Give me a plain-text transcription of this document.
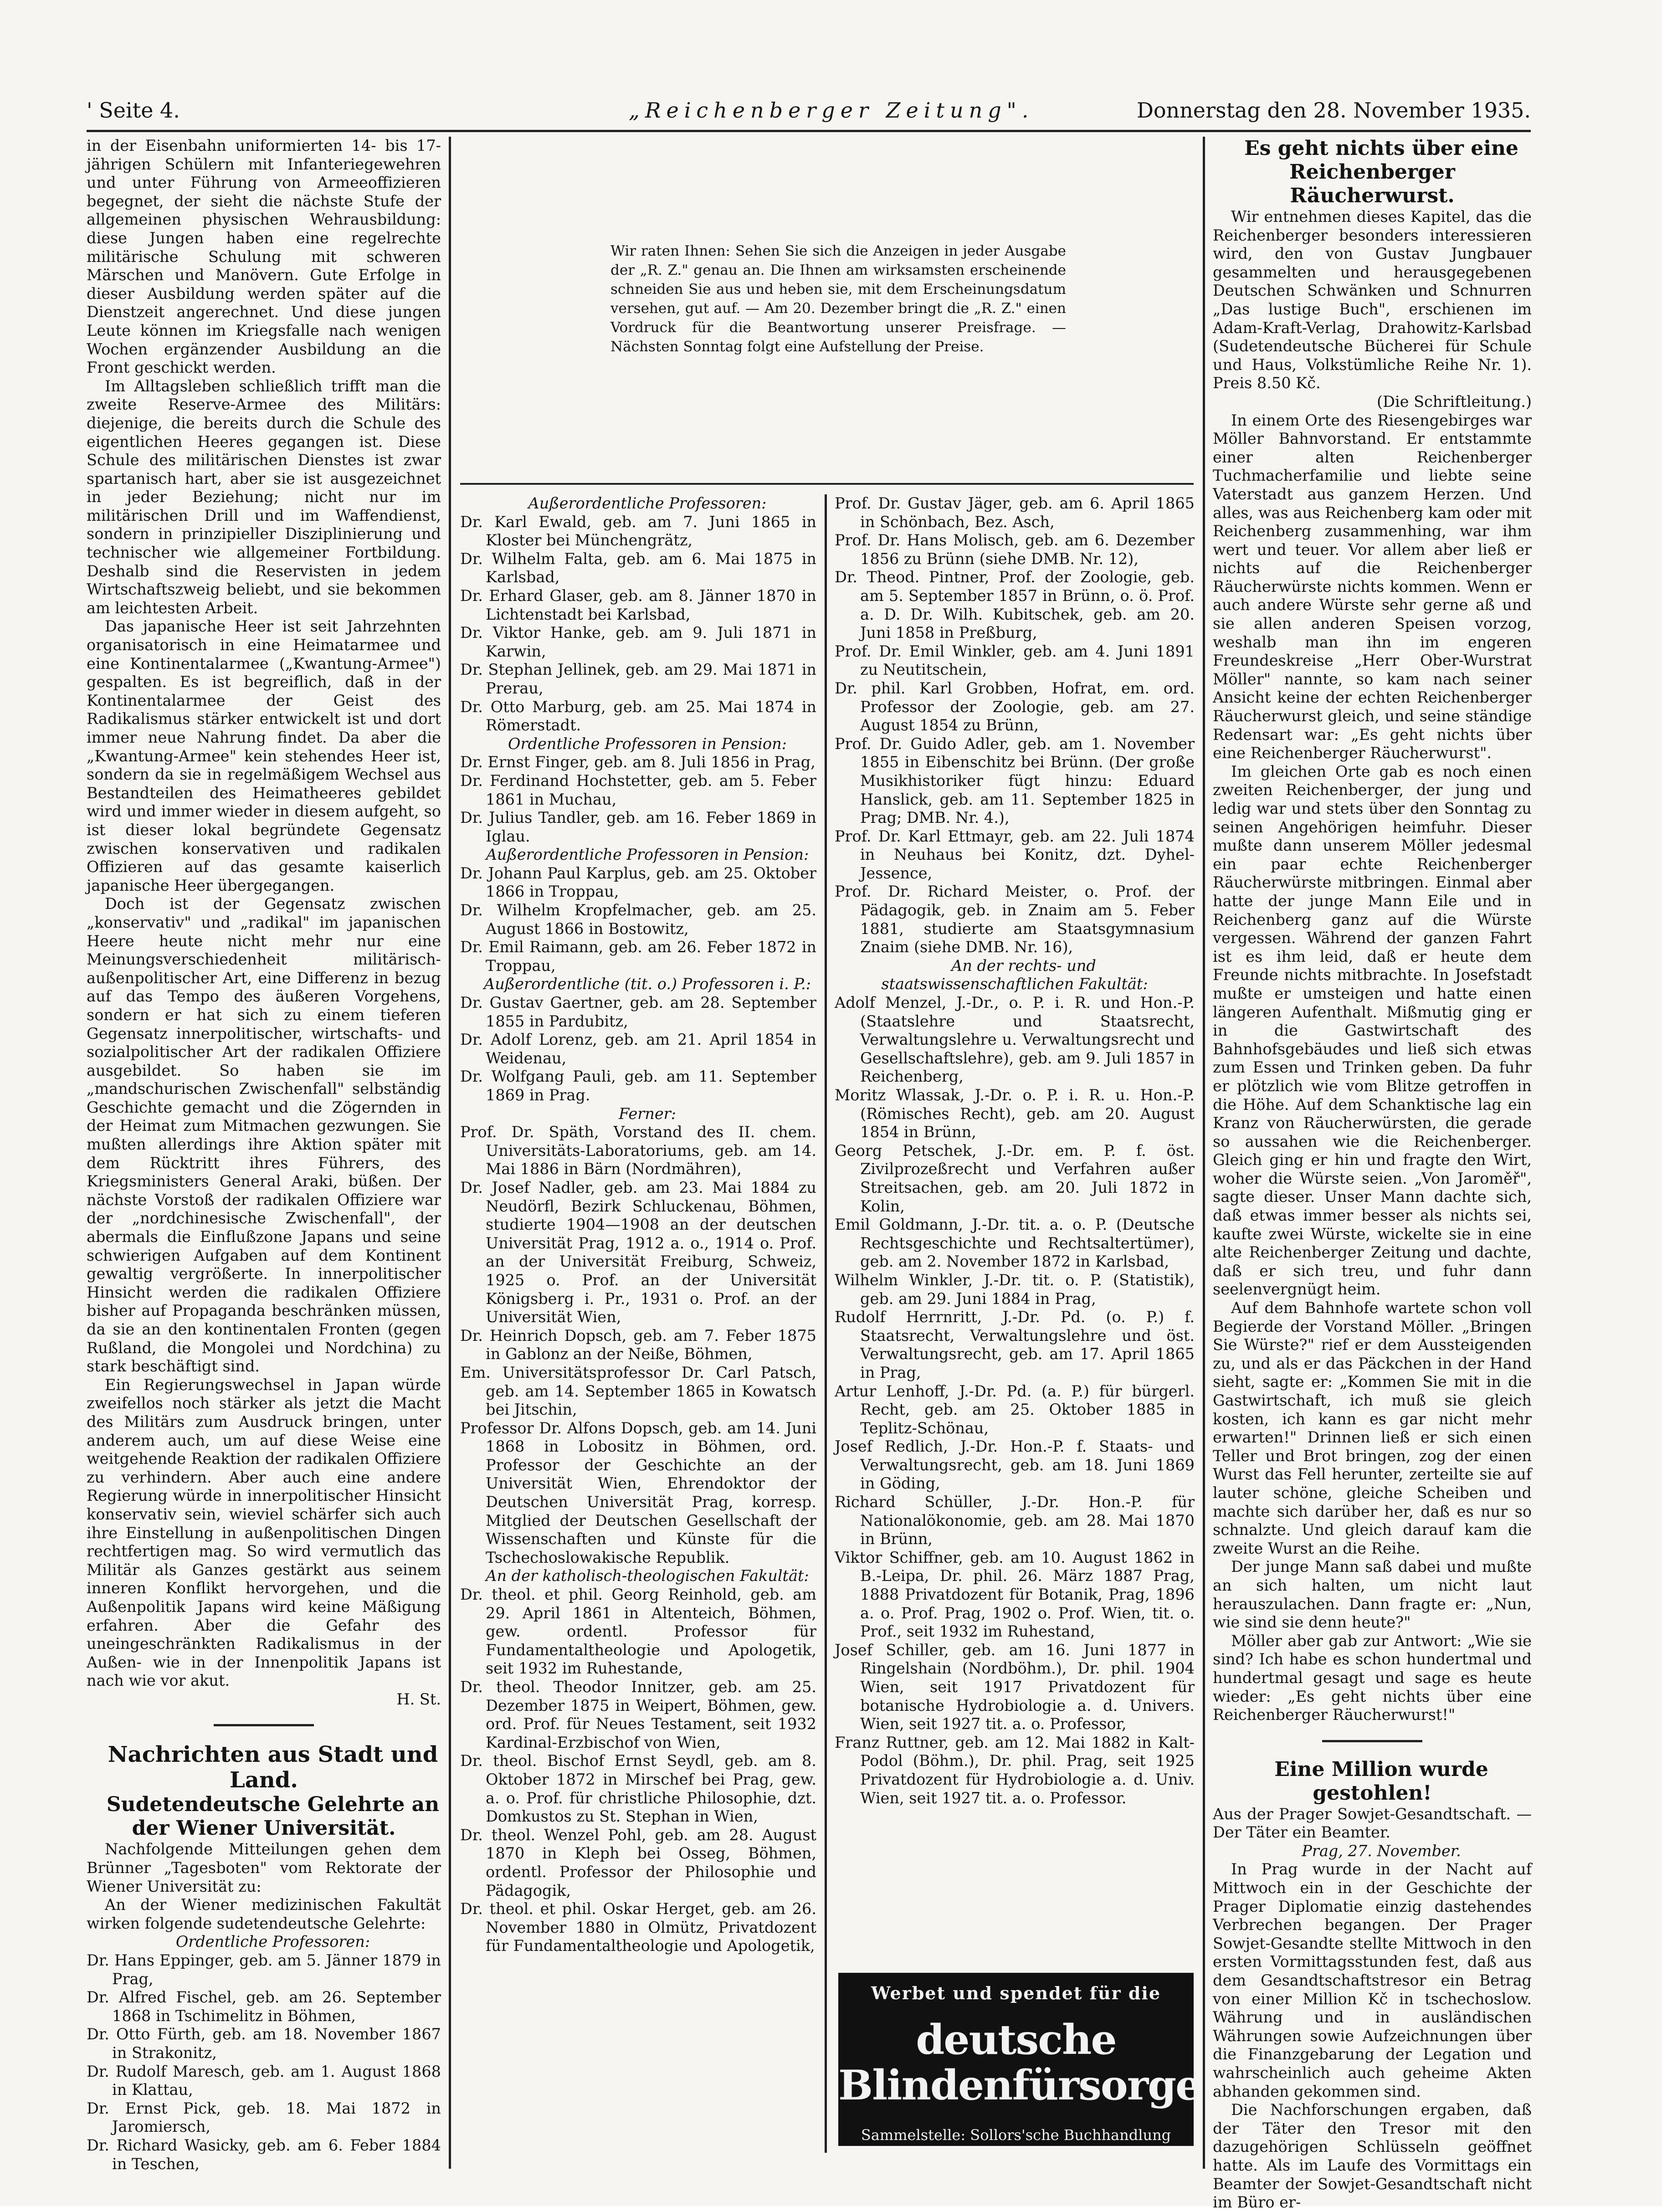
' Seite 4.	„Reichenberger Zeitung".	Donnerstag den 28. November 1935.

in der Eisenbahn uniformierten 14- bis 17-jährigen Schülern mit Infanteriegewehren und unter Führung von Armeeoffizieren begegnet, der sieht die nächste Stufe der allgemeinen physischen Wehrausbildung: diese Jungen haben eine regelrechte militärische Schulung mit schweren Märschen und Manövern. Gute Erfolge in dieser Ausbildung werden später auf die Dienstzeit angerechnet. Und diese jungen Leute können im Kriegsfalle nach wenigen Wochen ergänzender Ausbildung an die Front geschickt werden.

Im Alltagsleben schließlich trifft man die zweite Reserve-Armee des Militärs: diejenige, die bereits durch die Schule des eigentlichen Heeres gegangen ist. Diese Schule des militärischen Dienstes ist zwar spartanisch hart, aber sie ist ausgezeichnet in jeder Beziehung; nicht nur im militärischen Drill und im Waffendienst, sondern in prinzipieller Disziplinierung und technischer wie allgemeiner Fortbildung. Deshalb sind die Reservisten in jedem Wirtschaftszweig beliebt, und sie bekommen am leichtesten Arbeit.

Das japanische Heer ist seit Jahrzehnten organisatorisch in eine Heimatarmee und eine Kontinentalarmee („Kwantung-Armee") gespalten. Es ist begreiflich, daß in der Kontinentalarmee der Geist des Radikalismus stärker entwickelt ist und dort immer neue Nahrung findet. Da aber die „Kwantung-Armee" kein stehendes Heer ist, sondern da sie in regelmäßigem Wechsel aus Bestandteilen des Heimatheeres gebildet wird und immer wieder in diesem aufgeht, so ist dieser lokal begründete Gegensatz zwischen konservativen und radikalen Offizieren auf das gesamte kaiserlich japanische Heer übergegangen.

Doch ist der Gegensatz zwischen „konservativ" und „radikal" im japanischen Heere heute nicht mehr nur eine Meinungsverschiedenheit militärisch-außenpolitischer Art, eine Differenz in bezug auf das Tempo des äußeren Vorgehens, sondern er hat sich zu einem tieferen Gegensatz innerpolitischer, wirtschafts- und sozialpolitischer Art der radikalen Offiziere ausgebildet. So haben sie im „mandschurischen Zwischenfall" selbständig Geschichte gemacht und die Zögernden in der Heimat zum Mitmachen gezwungen. Sie mußten allerdings ihre Aktion später mit dem Rücktritt ihres Führers, des Kriegsministers General Araki, büßen. Der nächste Vorstoß der radikalen Offiziere war der „nordchinesische Zwischenfall", der abermals die Einflußzone Japans und seine schwierigen Aufgaben auf dem Kontinent gewaltig vergrößerte. In innerpolitischer Hinsicht werden die radikalen Offiziere bisher auf Propaganda beschränken müssen, da sie an den kontinentalen Fronten (gegen Rußland, die Mongolei und Nordchina) zu stark beschäftigt sind.

Ein Regierungswechsel in Japan würde zweifellos noch stärker als jetzt die Macht des Militärs zum Ausdruck bringen, unter anderem auch, um auf diese Weise eine weitgehende Reaktion der radikalen Offiziere zu verhindern. Aber auch eine andere Regierung würde in innerpolitischer Hinsicht konservativ sein, wieviel schärfer sich auch ihre Einstellung in außenpolitischen Dingen rechtfertigen mag. So wird vermutlich das Militär als Ganzes gestärkt aus seinem inneren Konflikt hervorgehen, und die Außenpolitik Japans wird keine Mäßigung erfahren. Aber die Gefahr des uneingeschränkten Radikalismus in der Außen- wie in der Innenpolitik Japans ist nach wie vor akut.

H. St.

Nachrichten aus Stadt und Land.

Sudetendeutsche Gelehrte an der Wiener Universität.

Nachfolgende Mitteilungen gehen dem Brünner „Tagesboten" vom Rektorate der Wiener Universität zu:

An der Wiener medizinischen Fakultät wirken folgende sudetendeutsche Gelehrte:

Ordentliche Professoren:

Dr. Hans Eppinger, geb. am 5. Jänner 1879 in Prag,

Dr. Alfred Fischel, geb. am 26. September 1868 in Tschimelitz in Böhmen,

Dr. Otto Fürth, geb. am 18. November 1867 in Strakonitz,

Dr. Rudolf Maresch, geb. am 1. August 1868 in Klattau,

Dr. Ernst Pick, geb. 18. Mai 1872 in Jaromiersch,

Dr. Richard Wasicky, geb. am 6. Feber 1884 in Teschen,

Wir raten Ihnen: Sehen Sie sich die Anzeigen in jeder Ausgabe der „R. Z." genau an. Die Ihnen am wirksamsten erscheinende schneiden Sie aus und heben sie, mit dem Erscheinungsdatum versehen, gut auf. — Am 20. Dezember bringt die „R. Z." einen Vordruck für die Beantwortung unserer Preisfrage. — Nächsten Sonntag folgt eine Aufstellung der Preise.

Außerordentliche Professoren:

Dr. Karl Ewald, geb. am 7. Juni 1865 in Kloster bei Münchengrätz,

Dr. Wilhelm Falta, geb. am 6. Mai 1875 in Karlsbad,

Dr. Erhard Glaser, geb. am 8. Jänner 1870 in Lichtenstadt bei Karlsbad,

Dr. Viktor Hanke, geb. am 9. Juli 1871 in Karwin,

Dr. Stephan Jellinek, geb. am 29. Mai 1871 in Prerau,

Dr. Otto Marburg, geb. am 25. Mai 1874 in Römerstadt.

Ordentliche Professoren in Pension:

Dr. Ernst Finger, geb. am 8. Juli 1856 in Prag,

Dr. Ferdinand Hochstetter, geb. am 5. Feber 1861 in Muchau,

Dr. Julius Tandler, geb. am 16. Feber 1869 in Iglau.

Außerordentliche Professoren in Pension:

Dr. Johann Paul Karplus, geb. am 25. Oktober 1866 in Troppau,

Dr. Wilhelm Kropfelmacher, geb. am 25. August 1866 in Bostowitz,

Dr. Emil Raimann, geb. am 26. Feber 1872 in Troppau,

Außerordentliche (tit. o.) Professoren i. P.:

Dr. Gustav Gaertner, geb. am 28. September 1855 in Pardubitz,

Dr. Adolf Lorenz, geb. am 21. April 1854 in Weidenau,

Dr. Wolfgang Pauli, geb. am 11. September 1869 in Prag.

Ferner:

Prof. Dr. Späth, Vorstand des II. chem. Universitäts-Laboratoriums, geb. am 14. Mai 1886 in Bärn (Nordmähren),

Dr. Josef Nadler, geb. am 23. Mai 1884 zu Neudörfl, Bezirk Schluckenau, Böhmen, studierte 1904—1908 an der deutschen Universität Prag, 1912 a. o., 1914 o. Prof. an der Universität Freiburg, Schweiz, 1925 o. Prof. an der Universität Königsberg i. Pr., 1931 o. Prof. an der Universität Wien,

Dr. Heinrich Dopsch, geb. am 7. Feber 1875 in Gablonz an der Neiße, Böhmen,

Em. Universitätsprofessor Dr. Carl Patsch, geb. am 14. September 1865 in Kowatsch bei Jitschin,

Professor Dr. Alfons Dopsch, geb. am 14. Juni 1868 in Lobositz in Böhmen, ord. Professor der Geschichte an der Universität Wien, Ehrendoktor der Deutschen Universität Prag, korresp. Mitglied der Deutschen Gesellschaft der Wissenschaften und Künste für die Tschechoslowakische Republik.

An der katholisch-theologischen Fakultät:

Dr. theol. et phil. Georg Reinhold, geb. am 29. April 1861 in Altenteich, Böhmen, gew. ordentl. Professor für Fundamentaltheologie und Apologetik, seit 1932 im Ruhestande,

Dr. theol. Theodor Innitzer, geb. am 25. Dezember 1875 in Weipert, Böhmen, gew. ord. Prof. für Neues Testament, seit 1932 Kardinal-Erzbischof von Wien,

Dr. theol. Bischof Ernst Seydl, geb. am 8. Oktober 1872 in Mirschef bei Prag, gew. a. o. Prof. für christliche Philosophie, dzt. Domkustos zu St. Stephan in Wien,

Dr. theol. Wenzel Pohl, geb. am 28. August 1870 in Kleph bei Osseg, Böhmen, ordentl. Professor der Philosophie und Pädagogik,

Dr. theol. et phil. Oskar Herget, geb. am 26. November 1880 in Olmütz, Privatdozent für Fundamentaltheologie und Apologetik,

Prof. Dr. Gustav Jäger, geb. am 6. April 1865 in Schönbach, Bez. Asch,

Prof. Dr. Hans Molisch, geb. am 6. Dezember 1856 zu Brünn (siehe DMB. Nr. 12),

Dr. Theod. Pintner, Prof. der Zoologie, geb. am 5. September 1857 in Brünn, o. ö. Prof. a. D. Dr. Wilh. Kubitschek, geb. am 20. Juni 1858 in Preßburg,

Prof. Dr. Emil Winkler, geb. am 4. Juni 1891 zu Neutitschein,

Dr. phil. Karl Grobben, Hofrat, em. ord. Professor der Zoologie, geb. am 27. August 1854 zu Brünn,

Prof. Dr. Guido Adler, geb. am 1. November 1855 in Eibenschitz bei Brünn. (Der große Musikhistoriker fügt hinzu: Eduard Hanslick, geb. am 11. September 1825 in Prag; DMB. Nr. 4.),

Prof. Dr. Karl Ettmayr, geb. am 22. Juli 1874 in Neuhaus bei Konitz, dzt. Dyhel-Jessence,

Prof. Dr. Richard Meister, o. Prof. der Pädagogik, geb. in Znaim am 5. Feber 1881, studierte am Staatsgymnasium Znaim (siehe DMB. Nr. 16),

An der rechts- und staatswissenschaftlichen Fakultät:

Adolf Menzel, J.-Dr., o. P. i. R. und Hon.-P. (Staatslehre und Staatsrecht, Verwaltungslehre u. Verwaltungsrecht und Gesellschaftslehre), geb. am 9. Juli 1857 in Reichenberg,

Moritz Wlassak, J.-Dr. o. P. i. R. u. Hon.-P. (Römisches Recht), geb. am 20. August 1854 in Brünn,

Georg Petschek, J.-Dr. em. P. f. öst. Zivilprozeßrecht und Verfahren außer Streitsachen, geb. am 20. Juli 1872 in Kolin,

Emil Goldmann, J.-Dr. tit. a. o. P. (Deutsche Rechtsgeschichte und Rechtsaltertümer), geb. am 2. November 1872 in Karlsbad,

Wilhelm Winkler, J.-Dr. tit. o. P. (Statistik), geb. am 29. Juni 1884 in Prag,

Rudolf Herrnritt, J.-Dr. Pd. (o. P.) f. Staatsrecht, Verwaltungslehre und öst. Verwaltungsrecht, geb. am 17. April 1865 in Prag,

Artur Lenhoff, J.-Dr. Pd. (a. P.) für bürgerl. Recht, geb. am 25. Oktober 1885 in Teplitz-Schönau,

Josef Redlich, J.-Dr. Hon.-P. f. Staats- und Verwaltungsrecht, geb. am 18. Juni 1869 in Göding,

Richard Schüller, J.-Dr. Hon.-P. für Nationalökonomie, geb. am 28. Mai 1870 in Brünn,

Viktor Schiffner, geb. am 10. August 1862 in B.-Leipa, Dr. phil. 26. März 1887 Prag, 1888 Privatdozent für Botanik, Prag, 1896 a. o. Prof. Prag, 1902 o. Prof. Wien, tit. o. Prof., seit 1932 im Ruhestand,

Josef Schiller, geb. am 16. Juni 1877 in Ringelshain (Nordböhm.), Dr. phil. 1904 Wien, seit 1917 Privatdozent für botanische Hydrobiologie a. d. Univers. Wien, seit 1927 tit. a. o. Professor,

Franz Ruttner, geb. am 12. Mai 1882 in Kalt-Podol (Böhm.), Dr. phil. Prag, seit 1925 Privatdozent für Hydrobiologie a. d. Univ. Wien, seit 1927 tit. a. o. Professor.

Werbet und spendet für die
deutsche Blindenfürsorge
Sammelstelle: Sollors'sche Buchhandlung

Es geht nichts über eine Reichenberger Räucherwurst.

Wir entnehmen dieses Kapitel, das die Reichenberger besonders interessieren wird, den von Gustav Jungbauer gesammelten und herausgegebenen Deutschen Schwänken und Schnurren „Das lustige Buch", erschienen im Adam-Kraft-Verlag, Drahowitz-Karlsbad (Sudetendeutsche Bücherei für Schule und Haus, Volkstümliche Reihe Nr. 1). Preis 8.50 Kč.

(Die Schriftleitung.)

In einem Orte des Riesengebirges war Möller Bahnvorstand. Er entstammte einer alten Reichenberger Tuchmacherfamilie und liebte seine Vaterstadt aus ganzem Herzen. Und alles, was aus Reichenberg kam oder mit Reichenberg zusammenhing, war ihm wert und teuer. Vor allem aber ließ er nichts auf die Reichenberger Räucherwürste nichts kommen. Wenn er auch andere Würste sehr gerne aß und sie allen anderen Speisen vorzog, weshalb man ihn im engeren Freundeskreise „Herr Ober-Wurstrat Möller" nannte, so kam nach seiner Ansicht keine der echten Reichenberger Räucherwurst gleich, und seine ständige Redensart war: „Es geht nichts über eine Reichenberger Räucherwurst".

Im gleichen Orte gab es noch einen zweiten Reichenberger, der jung und ledig war und stets über den Sonntag zu seinen Angehörigen heimfuhr. Dieser mußte dann unserem Möller jedesmal ein paar echte Reichenberger Räucherwürste mitbringen. Einmal aber hatte der junge Mann Eile und in Reichenberg ganz auf die Würste vergessen. Während der ganzen Fahrt ist es ihm leid, daß er heute dem Freunde nichts mitbrachte. In Josefstadt mußte er umsteigen und hatte einen längeren Aufenthalt. Mißmutig ging er in die Gastwirtschaft des Bahnhofsgebäudes und ließ sich etwas zum Essen und Trinken geben. Da fuhr er plötzlich wie vom Blitze getroffen in die Höhe. Auf dem Schanktische lag ein Kranz von Räucherwürsten, die gerade so aussahen wie die Reichenberger. Gleich ging er hin und fragte den Wirt, woher die Würste seien. „Von Jaroměř", sagte dieser. Unser Mann dachte sich, daß etwas immer besser als nichts sei, kaufte zwei Würste, wickelte sie in eine alte Reichenberger Zeitung und dachte, daß er sich treu, und fuhr dann seelenvergnügt heim.

Auf dem Bahnhofe wartete schon voll Begierde der Vorstand Möller. „Bringen Sie Würste?" rief er dem Aussteigenden zu, und als er das Päckchen in der Hand sieht, sagte er: „Kommen Sie mit in die Gastwirtschaft, ich muß sie gleich kosten, ich kann es gar nicht mehr erwarten!" Drinnen ließ er sich einen Teller und Brot bringen, zog der einen Wurst das Fell herunter, zerteilte sie auf lauter schöne, gleiche Scheiben und machte sich darüber her, daß es nur so schnalzte. Und gleich darauf kam die zweite Wurst an die Reihe.

Der junge Mann saß dabei und mußte an sich halten, um nicht laut herauszulachen. Dann fragte er: „Nun, wie sind sie denn heute?"

Möller aber gab zur Antwort: „Wie sie sind? Ich habe es schon hundertmal und hundertmal gesagt und sage es heute wieder: „Es geht nichts über eine Reichenberger Räucherwurst!"

Eine Million wurde gestohlen!

Aus der Prager Sowjet-Gesandtschaft. — Der Täter ein Beamter.

Prag, 27. November.

In Prag wurde in der Nacht auf Mittwoch ein in der Geschichte der Prager Diplomatie einzig dastehendes Verbrechen begangen. Der Prager Sowjet-Gesandte stellte Mittwoch in den ersten Vormittagsstunden fest, daß aus dem Gesandtschaftstresor ein Betrag von einer Million Kč in tschechoslow. Währung und in ausländischen Währungen sowie Aufzeichnungen über die Finanzgebarung der Legation und wahrscheinlich auch geheime Akten abhanden gekommen sind.

Die Nachforschungen ergaben, daß der Täter den Tresor mit den dazugehörigen Schlüsseln geöffnet hatte. Als im Laufe des Vormittags ein Beamter der Sowjet-Gesandtschaft nicht im Büro er-
